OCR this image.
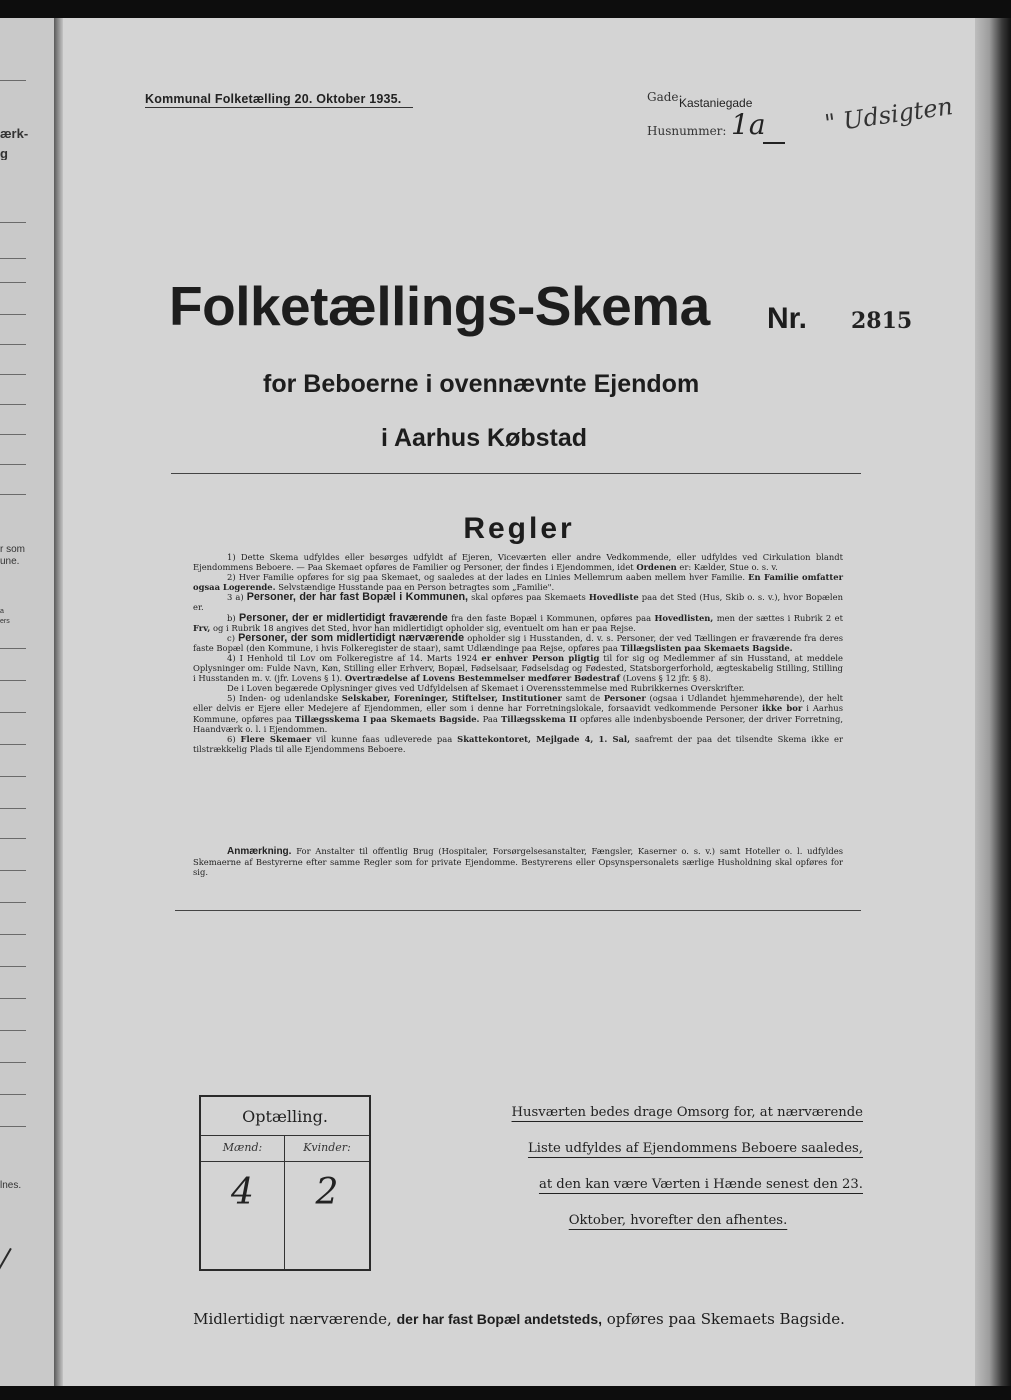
ærk-
g
r som
une.
a
ers
lnes.
Kommunal Folketælling 20. Oktober 1935.	Gade:
Kastaniegade
Husnummer: 1a " Udsigten
Folketællings-Skema Nr. 2815
for Beboerne i ovennævnte Ejendom
i Aarhus Købstad
Regler

1) Dette Skema udfyldes eller besørges udfyldt af Ejeren, Viceværten eller andre Vedkommende, eller udfyldes ved Cirkulation blandt Ejendommens Beboere. — Paa Skemaet opføres de Familier og Personer, der findes i Ejendommen, idet Ordenen er: Kælder, Stue o. s. v.

2) Hver Familie opføres for sig paa Skemaet, og saaledes at der lades en Linies Mellemrum aaben mellem hver Familie. En Familie omfatter ogsaa Logerende. Selvstændige Husstande paa en Person betragtes som „Familie".

3 a) Personer, der har fast Bopæl i Kommunen, skal opføres paa Skemaets Hovedliste paa det Sted (Hus, Skib o. s. v.), hvor Bopælen er.

b) Personer, der er midlertidigt fraværende fra den faste Bopæl i Kommunen, opføres paa Hovedlisten, men der sættes i Rubrik 2 et Frv, og i Rubrik 18 angives det Sted, hvor han midlertidigt opholder sig, eventuelt om han er paa Rejse.

c) Personer, der som midlertidigt nærværende opholder sig i Husstanden, d. v. s. Personer, der ved Tællingen er fraværende fra deres faste Bopæl (den Kommune, i hvis Folkeregister de staar), samt Udlændinge paa Rejse, opføres paa Tillægslisten paa Skemaets Bagside.

4) I Henhold til Lov om Folkeregistre af 14. Marts 1924 er enhver Person pligtig til for sig og Medlemmer af sin Husstand, at meddele Oplysninger om: Fulde Navn, Køn, Stilling eller Erhverv, Bopæl, Fødselsaar, Fødselsdag og Fødested, Statsborgerforhold, ægteskabelig Stilling, Stilling i Husstanden m. v. (jfr. Lovens § 1). Overtrædelse af Lovens Bestemmelser medfører Bødestraf (Lovens § 12 jfr. § 8).

De i Loven begærede Oplysninger gives ved Udfyldelsen af Skemaet i Overensstemmelse med Rubrikkernes Overskrifter.

5) Inden- og udenlandske Selskaber, Foreninger, Stiftelser, Institutioner samt de Personer (ogsaa i Udlandet hjemmehørende), der helt eller delvis er Ejere eller Medejere af Ejendommen, eller som i denne har Forretningslokale, forsaavidt vedkommende Personer ikke bor i Aarhus Kommune, opføres paa Tillægsskema I paa Skemaets Bagside. Paa Tillægsskema II opføres alle indenbysboende Personer, der driver Forretning, Haandværk o. l. i Ejendommen.

6) Flere Skemaer vil kunne faas udleverede paa Skattekontoret, Mejlgade 4, 1. Sal, saafremt der paa det tilsendte Skema ikke er tilstrækkelig Plads til alle Ejendommens Beboere.

Anmærkning. For Anstalter til offentlig Brug (Hospitaler, Forsørgelsesanstalter, Fængsler, Kaserner o. s. v.) samt Hoteller o. l. udfyldes Skemaerne af Bestyrerne efter samme Regler som for private Ejendomme. Bestyrerens eller Opsynspersonalets særlige Husholdning skal opføres for sig.

Optælling.
Mænd:
4
Kvinder:
2
Husværten bedes drage Omsorg for, at nærværende
Liste udfyldes af Ejendommens Beboere saaledes,
at den kan være Værten i Hænde senest den 23.
Oktober, hvorefter den afhentes.
Midlertidigt nærværende, der har fast Bopæl andetsteds, opføres paa Skemaets Bagside.
